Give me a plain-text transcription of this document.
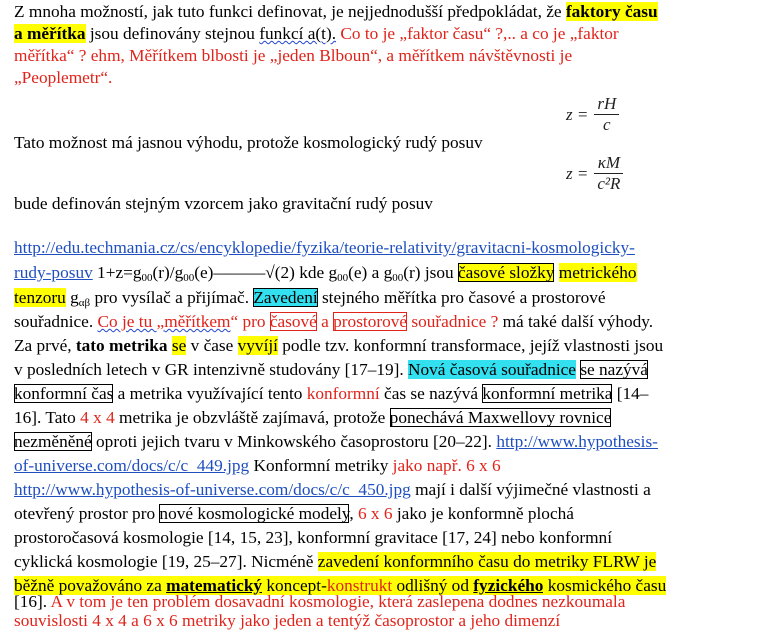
Z mnoha možností, jak tuto funkci definovat, je nejjednodušší předpokládat, že faktory času
a měřítka jsou definovány stejnou funkcí a(t). Co to je „faktor času“ ?,.. a co je „faktor
měřítka“ ? ehm, Měřítkem blbosti je „jeden Blboun“, a měřítkem návštěvnosti je
„Peoplemetr“.
$z = \frac{rH}{c}$
Tato možnost má jasnou výhodu, protože kosmologický rudý posuv
$z = \frac{\kappa M}{\text{c²R}}$
bude definován stejným vzorcem jako gravitační rudý posuv
http://edu.techmania.cz/cs/encyklopedie/fyzika/teorie-relativity/gravitacni-kosmologicky-
rudy-posuv $1+z=g_{00}(r)/g_{00}(e)———√(2)$ kde $g_{00}(e)$ a $g_{00}(r)$ jsou časové složky metrického
tenzoru $g_{\alpha\beta}$ pro vysílač a přijímač. Zavedení stejného měřítka pro časové a prostorové
souřadnice. Co je tu „měřítkem“ pro časové a prostorové souřadnice ? má také další výhody.
Za prvé, tato metrika se v čase vyvíjí podle tzv. konformní transformace, jejíž vlastnosti jsou
v posledních letech v GR intenzivně studovány [17–19]. Nová časová souřadnice se nazývá
konformní čas a metrika využívající tento konformní čas se nazývá konformní metrika [14–
16]. Tato 4 x 4 metrika je obzvláště zajímavá, protože ponechává Maxwellovy rovnice
nezměněné oproti jejich tvaru v Minkowského časoprostoru [20–22]. http://www.hypothesis-
of-universe.com/docs/c/c_449.jpg Konformní metriky jako např. 6 x 6
http://www.hypothesis-of-universe.com/docs/c/c_450.jpg mají i další výjimečné vlastnosti a
otevřený prostor pro nové kosmologické modely, 6 x 6 jako je konformně plochá
prostoročasová kosmologie [14, 15, 23], konformní gravitace [17, 24] nebo konformní
cyklická kosmologie [19, 25–27]. Nicméně zavedení konformního času do metriky FLRW je
běžně považováno za matematický koncept-konstrukt odlišný od fyzického kosmického času
[16]. A v tom je ten problém dosavadní kosmologie, která zaslepena dodnes nezkoumala
souvislosti 4 x 4 a 6 x 6 metriky jako jeden a tentýž časoprostor a jeho dimenzí
